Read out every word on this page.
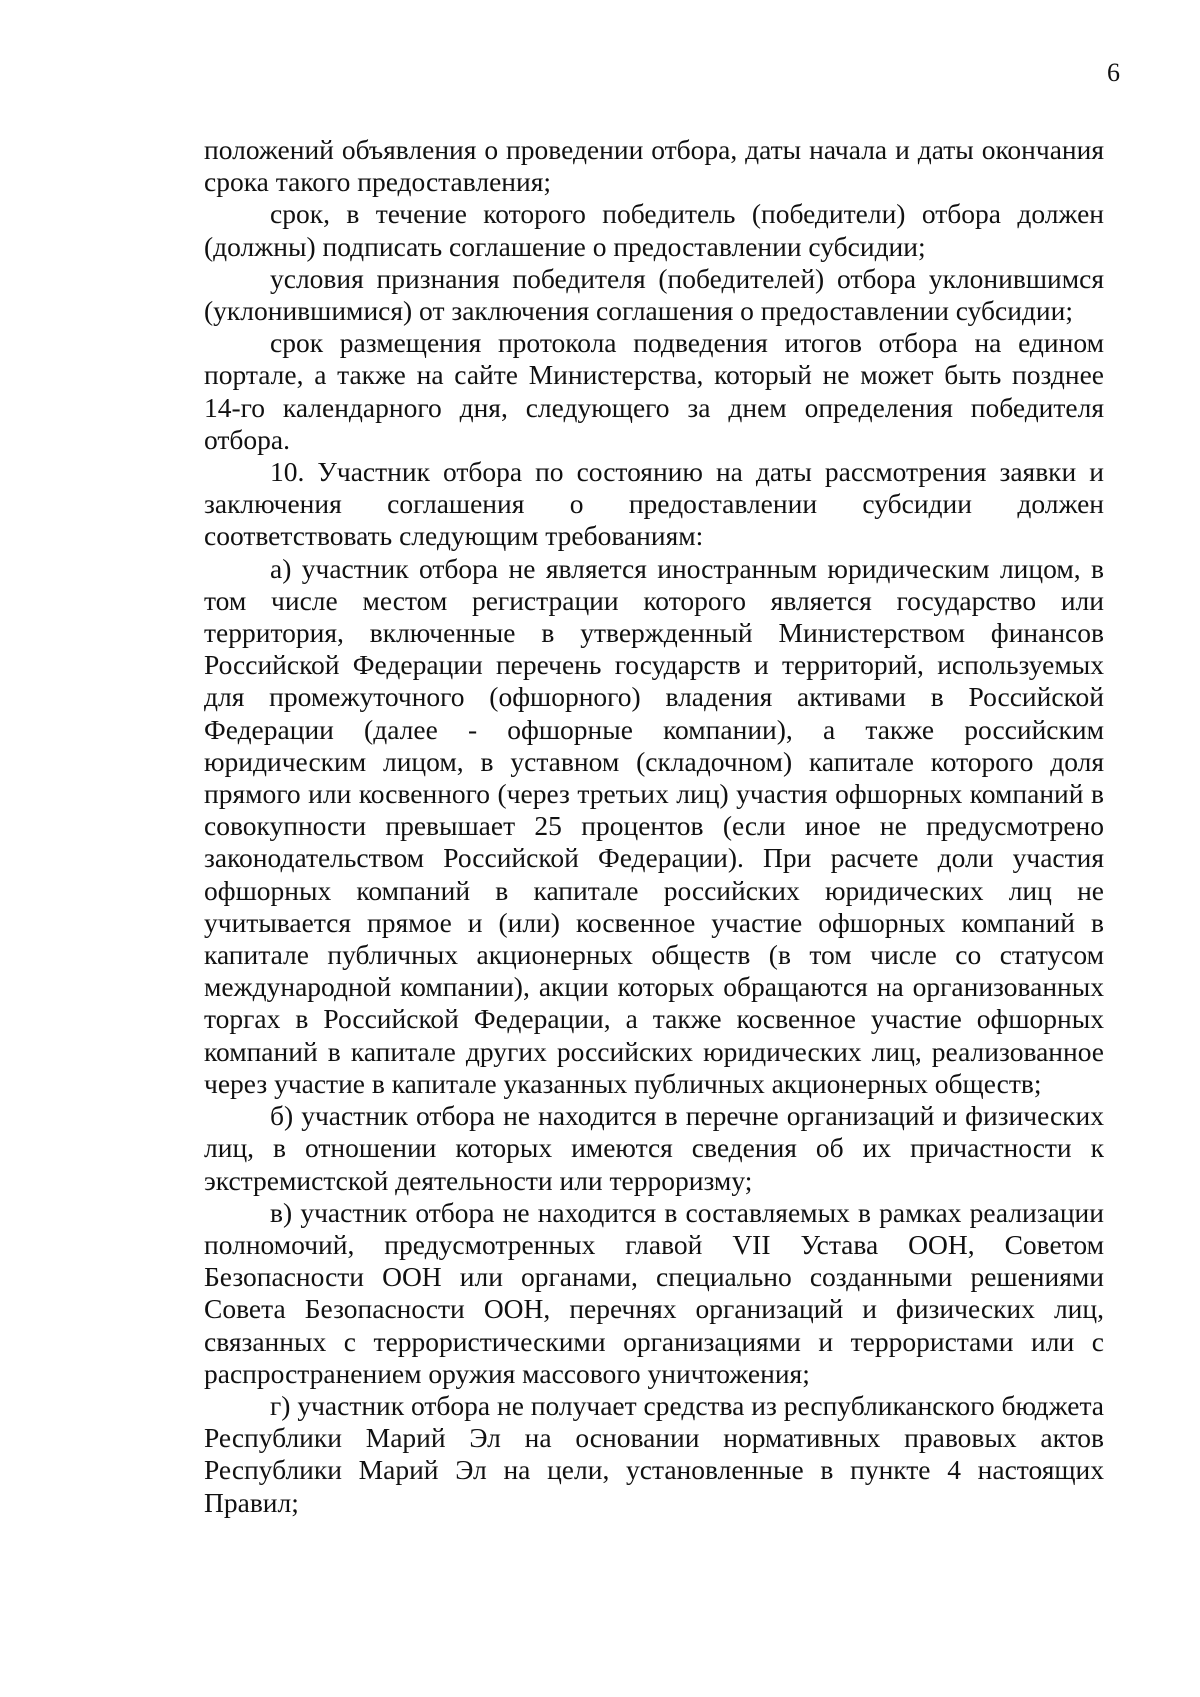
6

положений объявления о проведении отбора, даты начала и даты окончания срока такого предоставления;

срок, в течение которого победитель (победители) отбора должен (должны) подписать соглашение о предоставлении субсидии;

условия признания победителя (победителей) отбора уклонившимся (уклонившимися) от заключения соглашения о предоставлении субсидии;

срок размещения протокола подведения итогов отбора на едином портале, а также на сайте Министерства, который не может быть позднее 14-го календарного дня, следующего за днем определения победителя отбора.

10. Участник отбора по состоянию на даты рассмотрения заявки и заключения соглашения о предоставлении субсидии должен соответствовать следующим требованиям:

а) участник отбора не является иностранным юридическим лицом, в том числе местом регистрации которого является государство или территория, включенные в утвержденный Министерством финансов Российской Федерации перечень государств и территорий, используемых для промежуточного (офшорного) владения активами в Российской Федерации (далее - офшорные компании), а также российским юридическим лицом, в уставном (складочном) капитале которого доля прямого или косвенного (через третьих лиц) участия офшорных компаний в совокупности превышает 25 процентов (если иное не предусмотрено законодательством Российской Федерации). При расчете доли участия офшорных компаний в капитале российских юридических лиц не учитывается прямое и (или) косвенное участие офшорных компаний в капитале публичных акционерных обществ (в том числе со статусом международной компании), акции которых обращаются на организованных торгах в Российской Федерации, а также косвенное участие офшорных компаний в капитале других российских юридических лиц, реализованное через участие в капитале указанных публичных акционерных обществ;

б) участник отбора не находится в перечне организаций и физических лиц, в отношении которых имеются сведения об их причастности к экстремистской деятельности или терроризму;

в) участник отбора не находится в составляемых в рамках реализации полномочий, предусмотренных главой VII Устава ООН, Советом Безопасности ООН или органами, специально созданными решениями Совета Безопасности ООН, перечнях организаций и физических лиц, связанных с террористическими организациями и террористами или с распространением оружия массового уничтожения;

г) участник отбора не получает средства из республиканского бюджета Республики Марий Эл на основании нормативных правовых актов Республики Марий Эл на цели, установленные в пункте 4 настоящих Правил;
